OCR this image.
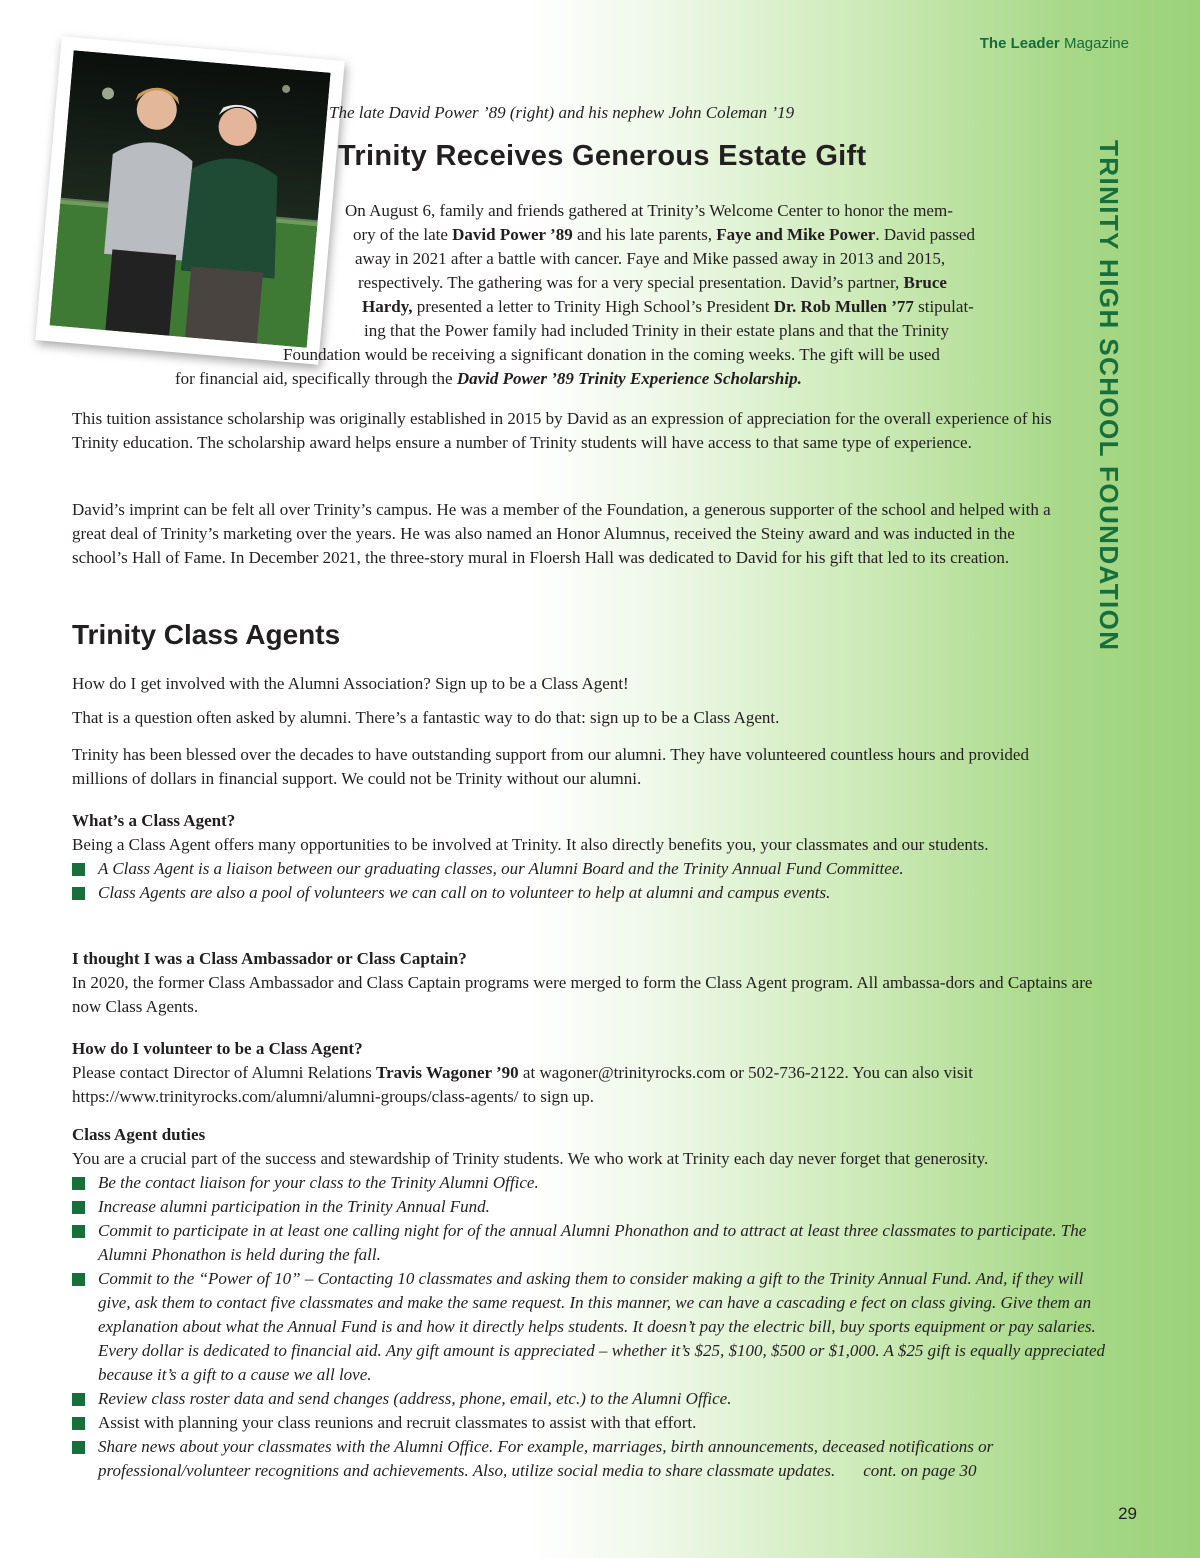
The Leader Magazine
TRINITY HIGH SCHOOL FOUNDATION

The late David Power ’89 (right) and his nephew John Coleman ’19

Trinity Receives Generous Estate Gift
On August 6, family and friends gathered at Trinity’s Welcome Center to honor the mem-
ory of the late David Power ’89 and his late parents, Faye and Mike Power. David passed
away in 2021 after a battle with cancer. Faye and Mike passed away in 2013 and 2015,
respectively. The gathering was for a very special presentation. David’s partner, Bruce
Hardy, presented a letter to Trinity High School’s President Dr. Rob Mullen ’77 stipulat-
ing that the Power family had included Trinity in their estate plans and that the Trinity
Foundation would be receiving a significant donation in the coming weeks. The gift will be used
for financial aid, specifically through the David Power ’89 Trinity Experience Scholarship.

This tuition assistance scholarship was originally established in 2015 by David as an expression of appreciation for the overall experience of his Trinity education. The scholarship award helps ensure a number of Trinity students will have access to that same type of experience.

David’s imprint can be felt all over Trinity’s campus. He was a member of the Foundation, a generous supporter of the school and helped with a great deal of Trinity’s marketing over the years. He was also named an Honor Alumnus, received the Steiny award and was inducted in the school’s Hall of Fame. In December 2021, the three-story mural in Floersh Hall was dedicated to David for his gift that led to its creation.

Trinity Class Agents

How do I get involved with the Alumni Association? Sign up to be a Class Agent!

That is a question often asked by alumni. There’s a fantastic way to do that: sign up to be a Class Agent.

Trinity has been blessed over the decades to have outstanding support from our alumni. They have volunteered countless hours and provided millions of dollars in financial support. We could not be Trinity without our alumni.

What’s a Class Agent?

Being a Class Agent offers many opportunities to be involved at Trinity. It also directly benefits you, your classmates and our students.

A Class Agent is a liaison between our graduating classes, our Alumni Board and the Trinity Annual Fund Committee.
Class Agents are also a pool of volunteers we can call on to volunteer to help at alumni and campus events.
I thought I was a Class Ambassador or Class Captain?

In 2020, the former Class Ambassador and Class Captain programs were merged to form the Class Agent program. All ambassa-dors and Captains are now Class Agents.

How do I volunteer to be a Class Agent?

Please contact Director of Alumni Relations Travis Wagoner ’90 at wagoner@trinityrocks.com or 502-736-2122. You can also visit https://www.trinityrocks.com/alumni/alumni-groups/class-agents/ to sign up.

Class Agent duties

You are a crucial part of the success and stewardship of Trinity students. We who work at Trinity each day never forget that generosity.

Be the contact liaison for your class to the Trinity Alumni Office.
Increase alumni participation in the Trinity Annual Fund.
Commit to participate in at least one calling night for of the annual Alumni Phonathon and to attract at least three classmates to participate. The Alumni Phonathon is held during the fall.
Commit to the “Power of 10” – Contacting 10 classmates and asking them to consider making a gift to the Trinity Annual Fund. And, if they will give, ask them to contact five classmates and make the same request. In this manner, we can have a cascading e fect on class giving. Give them an explanation about what the Annual Fund is and how it directly helps students. It doesn’t pay the electric bill, buy sports equipment or pay salaries. Every dollar is dedicated to financial aid. Any gift amount is appreciated – whether it’s $25, $100, $500 or $1,000. A $25 gift is equally appreciated because it’s a gift to a cause we all love.
Review class roster data and send changes (address, phone, email, etc.) to the Alumni Office.
Assist with planning your class reunions and recruit classmates to assist with that effort.
Share news about your classmates with the Alumni Office. For example, marriages, birth announcements, deceased notifications or professional/volunteer recognitions and achievements. Also, utilize social media to share classmate updates. cont. on page 30

29
